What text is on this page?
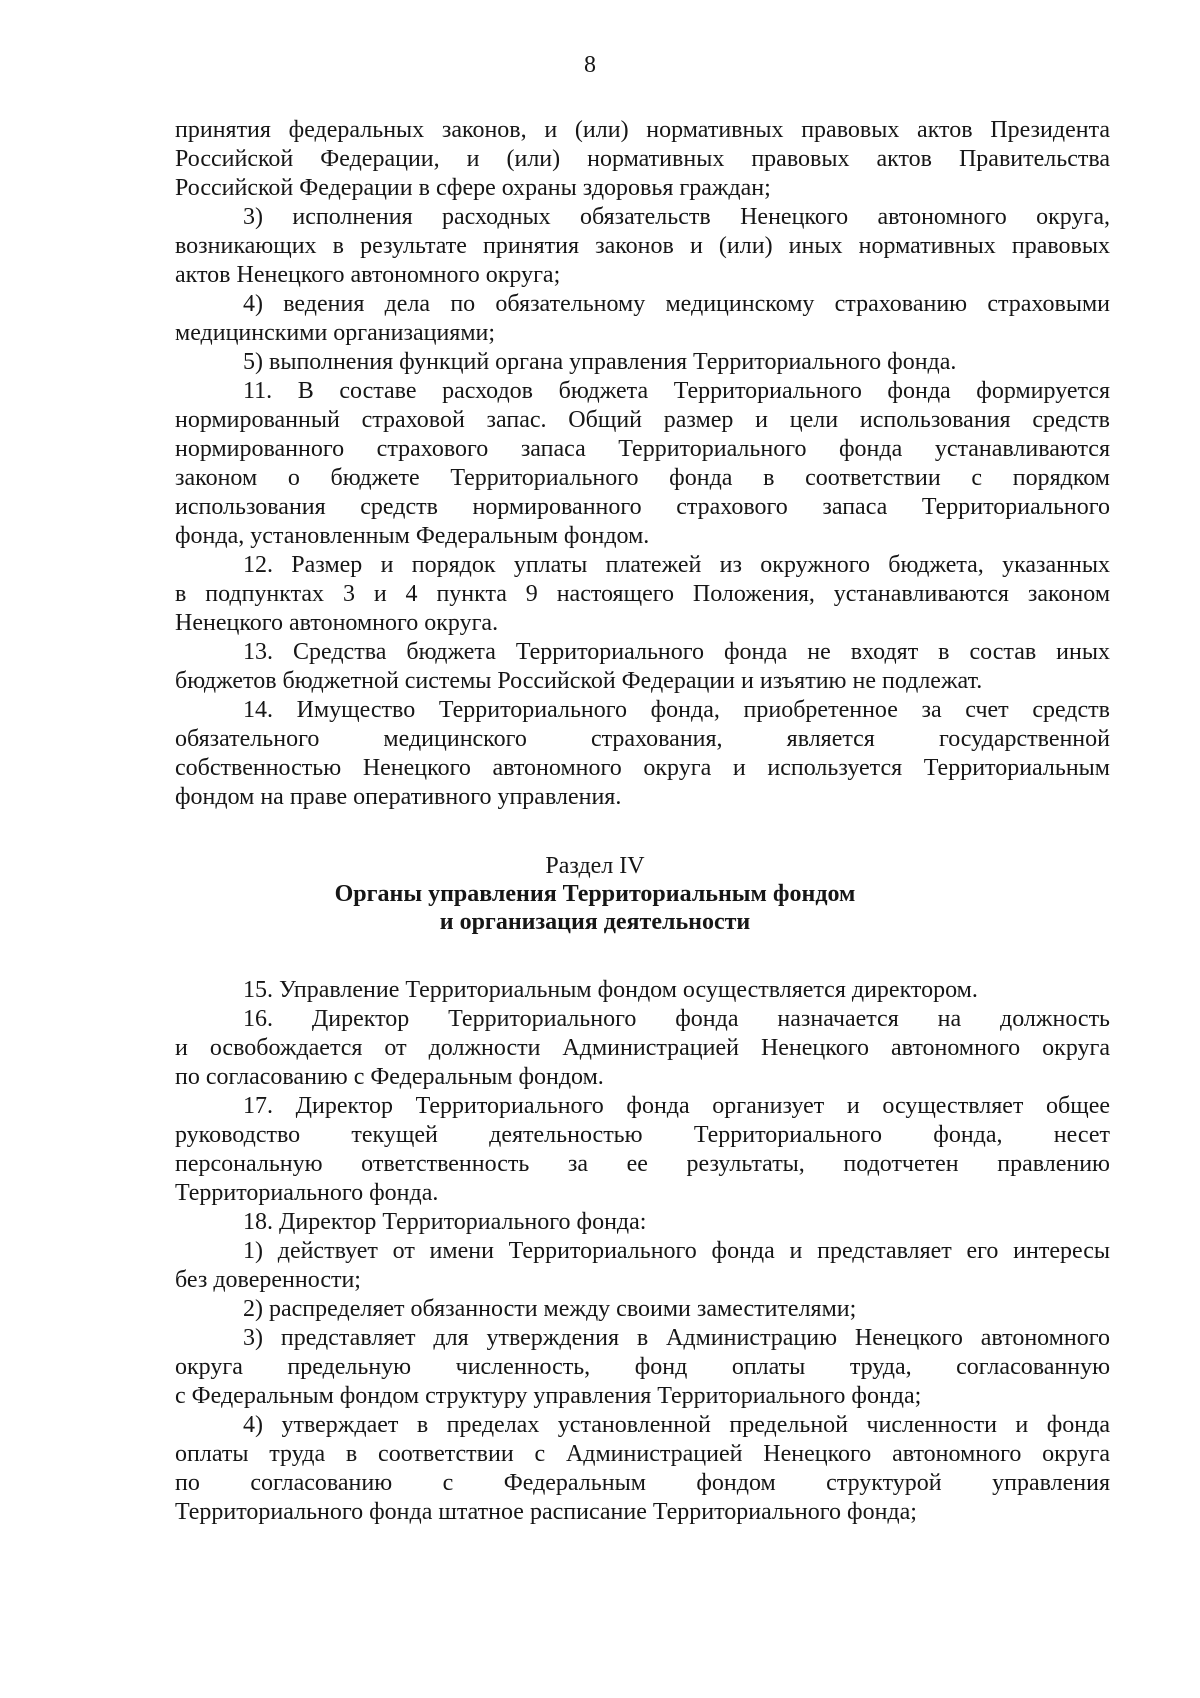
8
принятия федеральных законов, и (или) нормативных правовых актов Президента
Российской Федерации, и (или) нормативных правовых актов Правительства
Российской Федерации в сфере охраны здоровья граждан;
3) исполнения расходных обязательств Ненецкого автономного округа,
возникающих в результате принятия законов и (или) иных нормативных правовых
актов Ненецкого автономного округа;
4) ведения дела по обязательному медицинскому страхованию страховыми
медицинскими организациями;
5) выполнения функций органа управления Территориального фонда.
11. В составе расходов бюджета Территориального фонда формируется
нормированный страховой запас. Общий размер и цели использования средств
нормированного страхового запаса Территориального фонда устанавливаются
законом о бюджете Территориального фонда в соответствии с порядком
использования средств нормированного страхового запаса Территориального
фонда, установленным Федеральным фондом.
12. Размер и порядок уплаты платежей из окружного бюджета, указанных
в подпунктах 3 и 4 пункта 9 настоящего Положения, устанавливаются законом
Ненецкого автономного округа.
13. Средства бюджета Территориального фонда не входят в состав иных
бюджетов бюджетной системы Российской Федерации и изъятию не подлежат.
14. Имущество Территориального фонда, приобретенное за счет средств
обязательного медицинского страхования, является государственной
собственностью Ненецкого автономного округа и используется Территориальным
фондом на праве оперативного управления.
Раздел IV
Органы управления Территориальным фондом
и организация деятельности
15. Управление Территориальным фондом осуществляется директором.
16. Директор Территориального фонда назначается на должность
и освобождается от должности Администрацией Ненецкого автономного округа
по согласованию с Федеральным фондом.
17. Директор Территориального фонда организует и осуществляет общее
руководство текущей деятельностью Территориального фонда, несет
персональную ответственность за ее результаты, подотчетен правлению
Территориального фонда.
18. Директор Территориального фонда:
1) действует от имени Территориального фонда и представляет его интересы
без доверенности;
2) распределяет обязанности между своими заместителями;
3) представляет для утверждения в Администрацию Ненецкого автономного
округа предельную численность, фонд оплаты труда, согласованную
с Федеральным фондом структуру управления Территориального фонда;
4) утверждает в пределах установленной предельной численности и фонда
оплаты труда в соответствии с Администрацией Ненецкого автономного округа
по согласованию с Федеральным фондом структурой управления
Территориального фонда штатное расписание Территориального фонда;
